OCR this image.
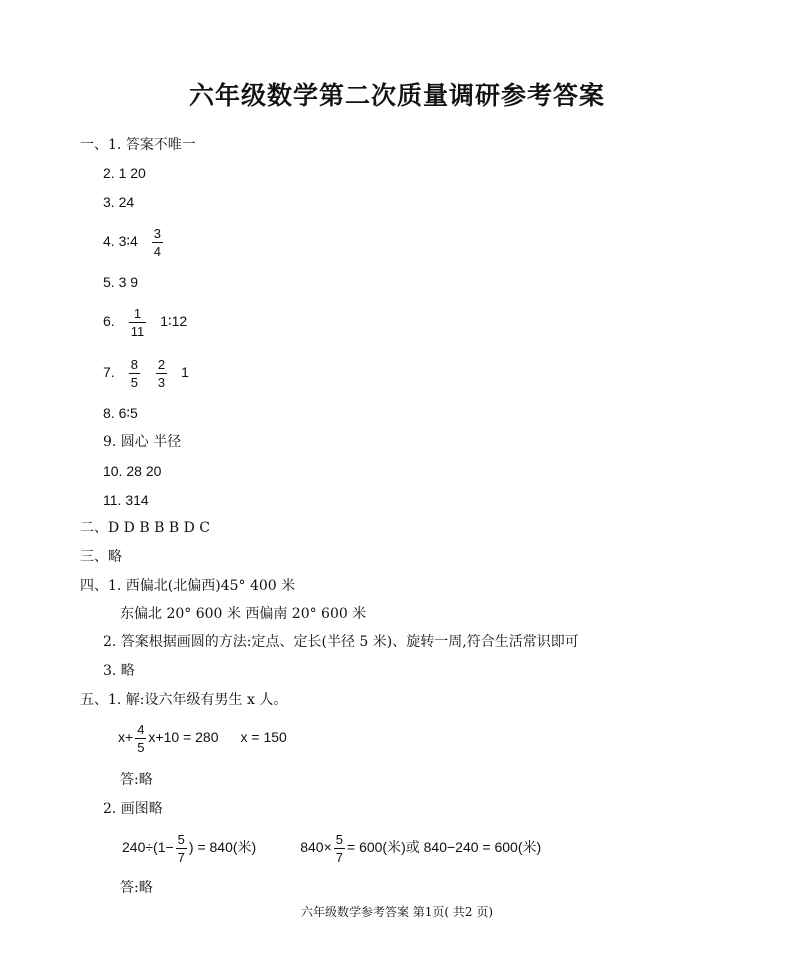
六年级数学第二次质量调研参考答案
一、1. 答案不唯一
2. 1 20
3. 24
4. 3∶4 $\frac{3}{4}$
5. 3 9
6. $\frac{1}{11}$ 1∶12
7. $\frac{8}{5} \frac{2}{3} 1$
8. 6∶5
9. 圆心 半径
10. 28 20
11. 314
二、D D B B B D C
三、略
四、1. 西偏北(北偏西)45° 400 米
东偏北 20° 600 米 西偏南 20° 600 米
2. 答案根据画圆的方法:定点、定长(半径 5 米)、旋转一周,符合生活常识即可
3. 略
五、1. 解:设六年级有男生 x 人。
$x+ \frac{4}{5} x+10 = 280$ x = 150
答:略
2. 画图略
$240\div(1- \frac{5}{7}$ ) = 840(米)	$840\times \frac{5}{7} = 600$(米)或 840−240 = 600(米)
答:略
六年级数学参考答案 第1页( 共2 页)
